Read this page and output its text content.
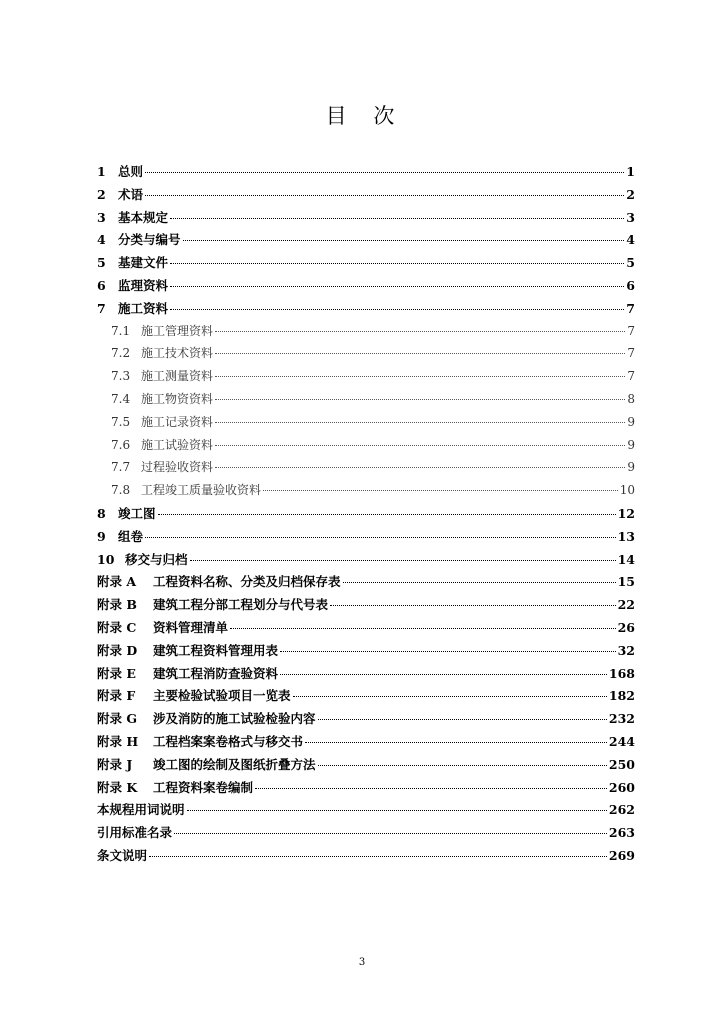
目 次
1 总则	1
2 术语	2
3 基本规定	3
4 分类与编号	4
5 基建文件	5
6 监理资料	6
7 施工资料	7
7.1 施工管理资料	7
7.2 施工技术资料	7
7.3 施工测量资料	7
7.4 施工物资资料	8
7.5 施工记录资料	9
7.6 施工试验资料	9
7.7 过程验收资料	9
7.8 工程竣工质量验收资料	10
8 竣工图	12
9 组卷	13
10 移交与归档	14
附录 A	工程资料名称、分类及归档保存表	15
附录 B	建筑工程分部工程划分与代号表	22
附录 C	资料管理清单	26
附录 D	建筑工程资料管理用表	32
附录 E	建筑工程消防查验资料	168
附录 F	主要检验试验项目一览表	182
附录 G	涉及消防的施工试验检验内容	232
附录 H	工程档案案卷格式与移交书	244
附录 J	竣工图的绘制及图纸折叠方法	250
附录 K	工程资料案卷编制	260
本规程用词说明	262
引用标准名录	263
条文说明	269
3
